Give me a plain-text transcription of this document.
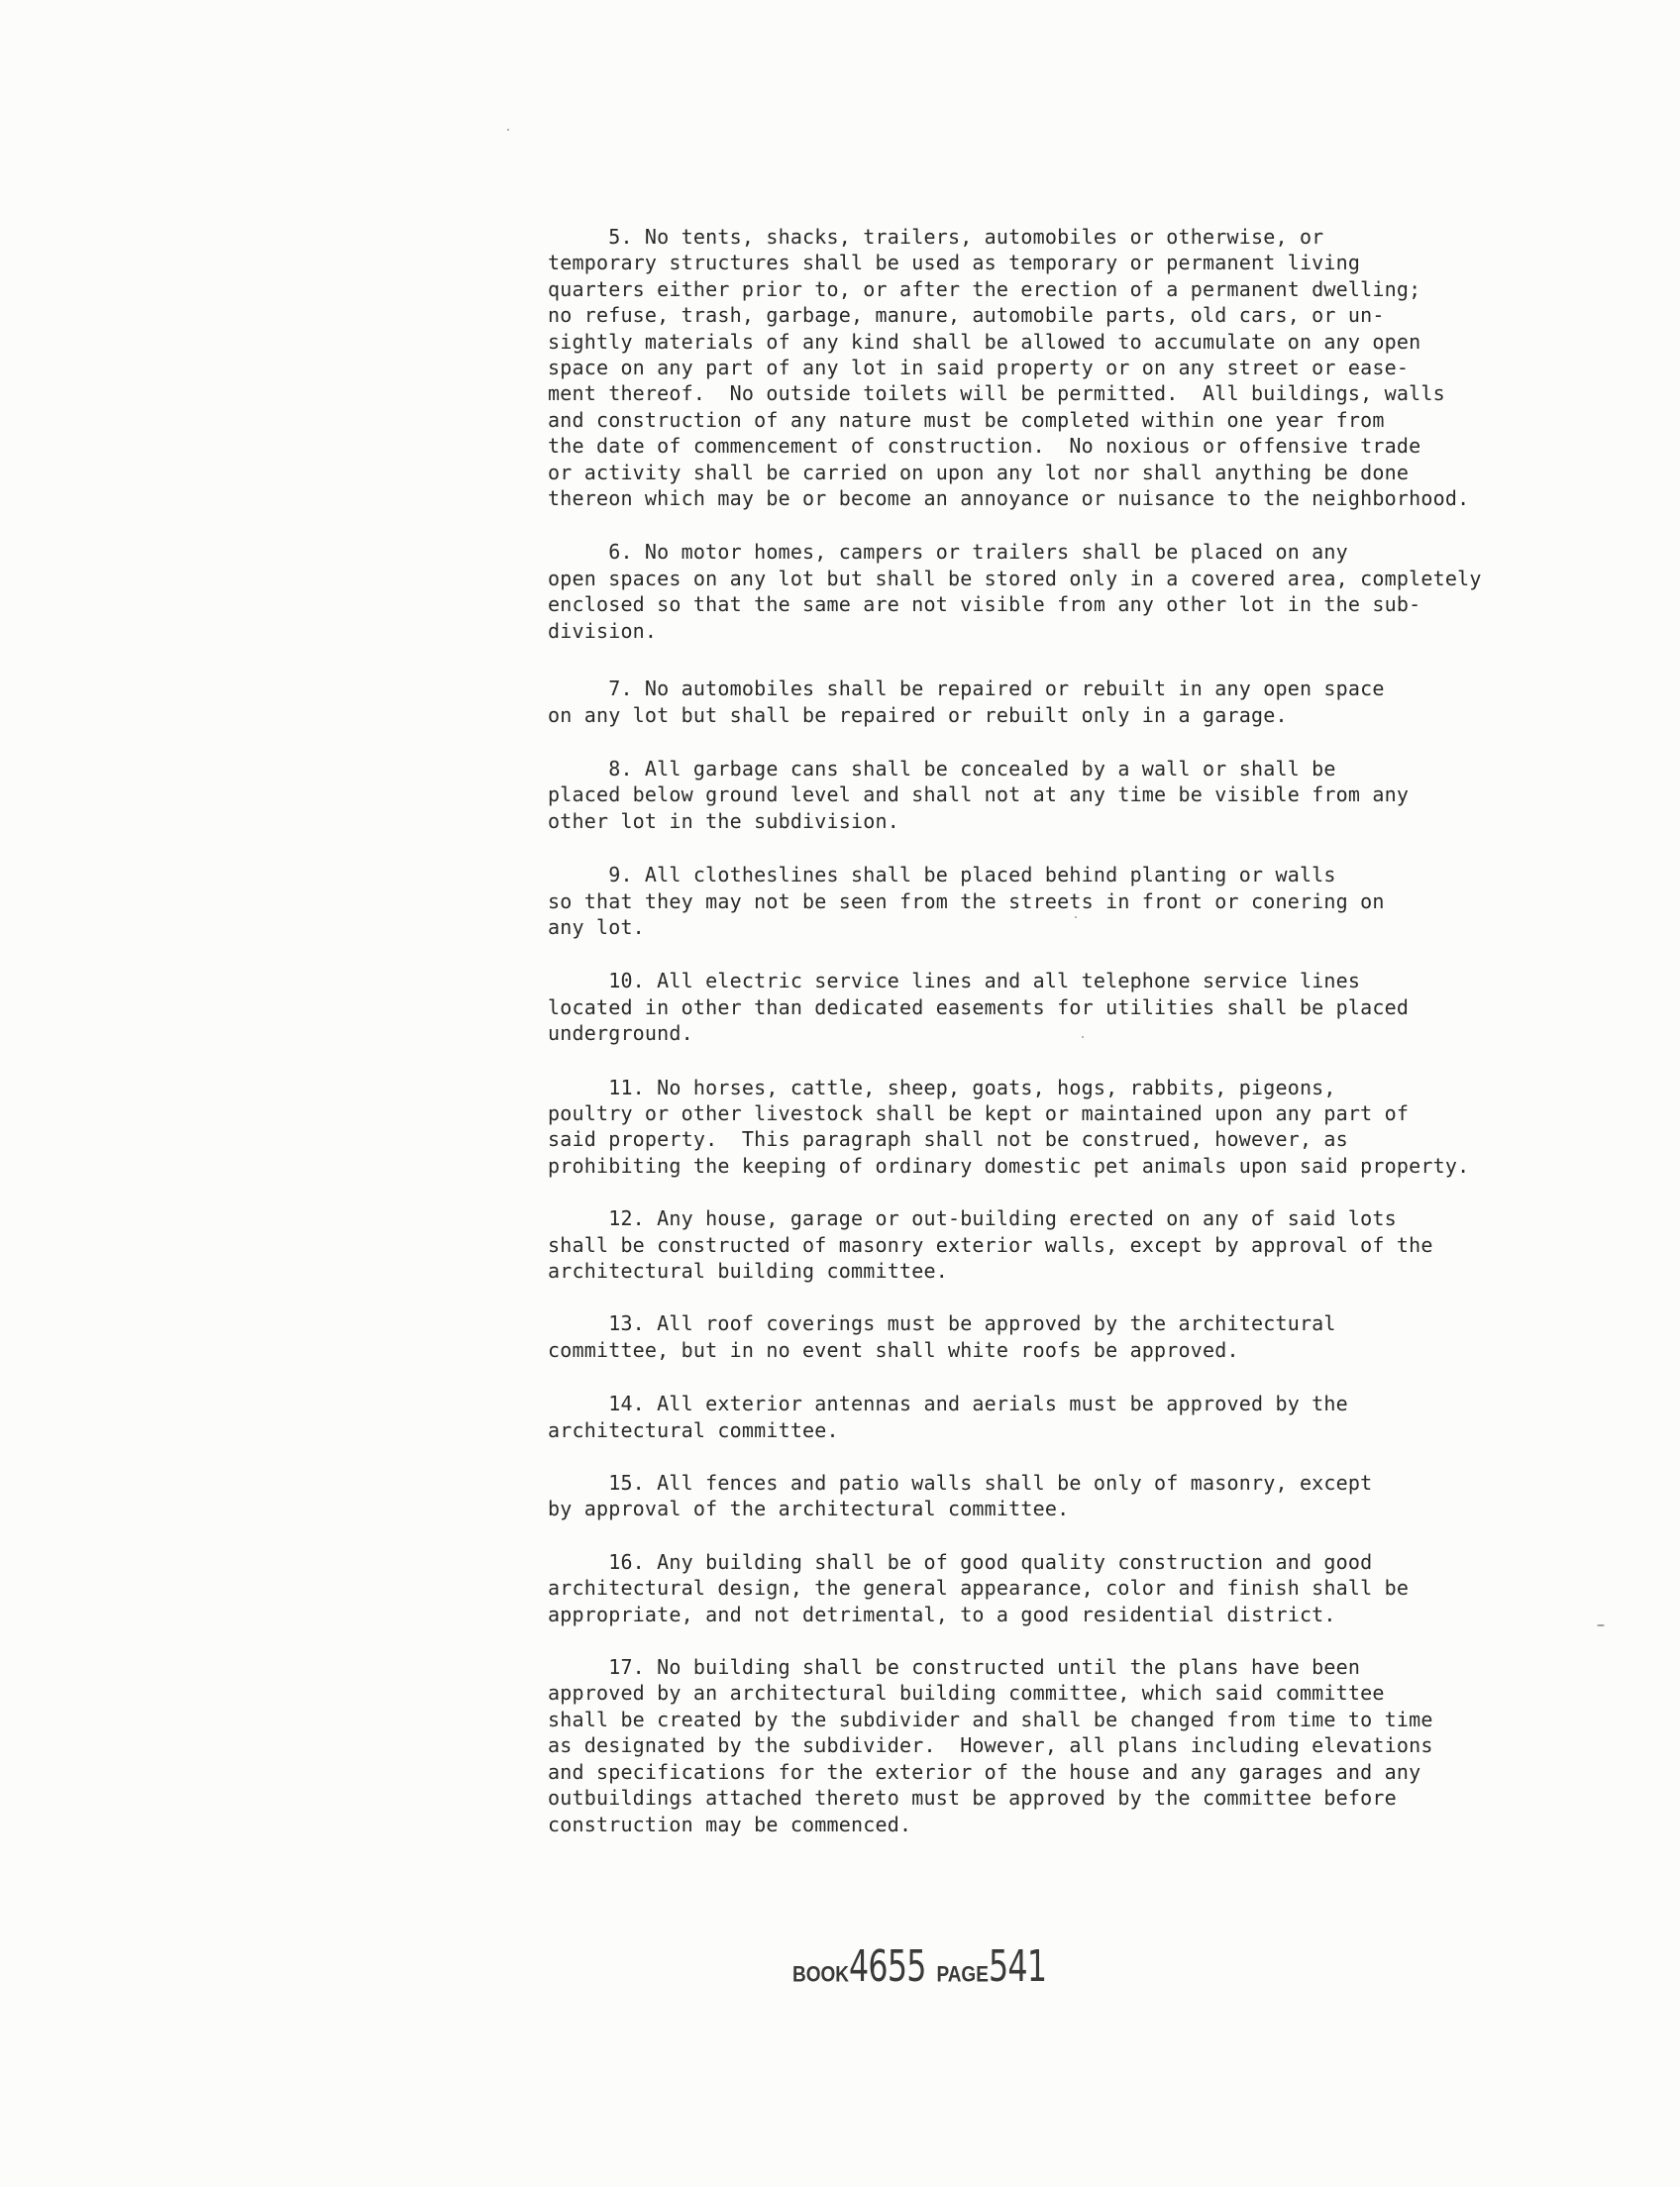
5. No tents, shacks, trailers, automobiles or otherwise, or
temporary structures shall be used as temporary or permanent living
quarters either prior to, or after the erection of a permanent dwelling;
no refuse, trash, garbage, manure, automobile parts, old cars, or un-
sightly materials of any kind shall be allowed to accumulate on any open
space on any part of any lot in said property or on any street or ease-
ment thereof.  No outside toilets will be permitted.  All buildings, walls
and construction of any nature must be completed within one year from
the date of commencement of construction.  No noxious or offensive trade
or activity shall be carried on upon any lot nor shall anything be done
thereon which may be or become an annoyance or nuisance to the neighborhood.
6. No motor homes, campers or trailers shall be placed on any
open spaces on any lot but shall be stored only in a covered area, completely
enclosed so that the same are not visible from any other lot in the sub-
division.
7. No automobiles shall be repaired or rebuilt in any open space
on any lot but shall be repaired or rebuilt only in a garage.
8. All garbage cans shall be concealed by a wall or shall be
placed below ground level and shall not at any time be visible from any
other lot in the subdivision.
9. All clotheslines shall be placed behind planting or walls
so that they may not be seen from the streets in front or conering on
any lot.
10. All electric service lines and all telephone service lines
located in other than dedicated easements for utilities shall be placed
underground.
11. No horses, cattle, sheep, goats, hogs, rabbits, pigeons,
poultry or other livestock shall be kept or maintained upon any part of
said property.  This paragraph shall not be construed, however, as
prohibiting the keeping of ordinary domestic pet animals upon said property.
12. Any house, garage or out-building erected on any of said lots
shall be constructed of masonry exterior walls, except by approval of the
architectural building committee.
13. All roof coverings must be approved by the architectural
committee, but in no event shall white roofs be approved.
14. All exterior antennas and aerials must be approved by the
architectural committee.
15. All fences and patio walls shall be only of masonry, except
by approval of the architectural committee.
16. Any building shall be of good quality construction and good
architectural design, the general appearance, color and finish shall be
appropriate, and not detrimental, to a good residential district.
17. No building shall be constructed until the plans have been
approved by an architectural building committee, which said committee
shall be created by the subdivider and shall be changed from time to time
as designated by the subdivider.  However, all plans including elevations
and specifications for the exterior of the house and any garages and any
outbuildings attached thereto must be approved by the committee before
construction may be commenced.
BOOK4655 PAGE541
